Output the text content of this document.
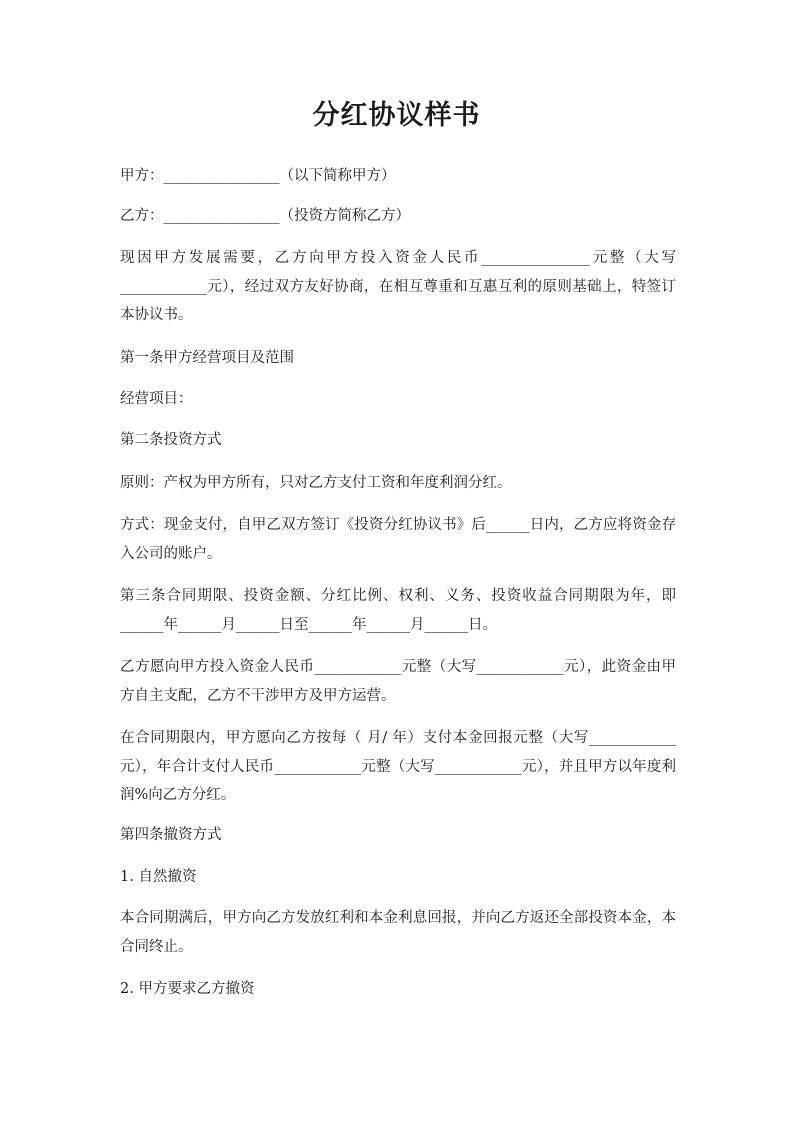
分红协议样书
甲方：________________（以下简称甲方）
乙方：________________（投资方简称乙方）
现因甲方发展需要，乙方向甲方投入资金人民币_______________元整（大写____________元），经过双方友好协商，在相互尊重和互惠互利的原则基础上，特签订本协议书。
第一条甲方经营项目及范围
经营项目：
第二条投资方式
原则：产权为甲方所有，只对乙方支付工资和年度利润分红。
方式：现金支付，自甲乙双方签订《投资分红协议书》后______日内，乙方应将资金存入公司的账户。
第三条合同期限、投资金额、分红比例、权利、义务、投资收益合同期限为年，即______年______月______日至______年______月______日。
乙方愿向甲方投入资金人民币____________元整（大写____________元），此资金由甲方自主支配，乙方不干涉甲方及甲方运营。
在合同期限内，甲方愿向乙方按每（ 月/ 年）支付本金回报元整（大写____________元），年合计支付人民币____________元整（大写____________元），并且甲方以年度利润%向乙方分红。
第四条撤资方式
1. 自然撤资
本合同期满后，甲方向乙方发放红利和本金利息回报，并向乙方返还全部投资本金，本合同终止。
2. 甲方要求乙方撤资
